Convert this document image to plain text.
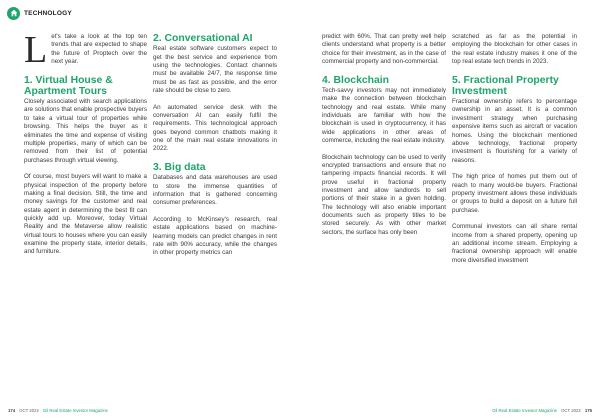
TECHNOLOGY

Let's take a look at the top ten trends that are expected to shape the future of Proptech over the next year.

1. Virtual House & Apartment Tours

Closely associated with search applications are solutions that enable prospective buyers to take a virtual tour of properties while browsing. This helps the buyer as it eliminates the time and expense of visiting multiple properties, many of which can be removed from their list of potential purchases through virtual viewing.

Of course, most buyers will want to make a physical inspection of the property before making a final decision. Still, the time and money savings for the customer and real estate agent in determining the best fit can quickly add up. Moreover, today Virtual Reality and the Metaverse allow realistic virtual tours to houses where you can easily examine the property state, interior details, and furniture.

2. Conversational AI

Real estate software customers expect to get the best service and experience from using the technologies. Contact channels must be available 24/7, the response time must be as fast as possible, and the error rate should be close to zero.

An automated service desk with the conversation AI can easily fulfil the requirements. This technological approach goes beyond common chatbots making it one of the main real estate innovations in 2022.

3. Big data

Databases and data warehouses are used to store the immense quantities of information that is gathered concerning consumer preferences.

According to McKinsey's research, real estate applications based on machine-learning models can predict changes in rent rate with 90% accuracy, while the changes in other property metrics can

predict with 60%. That can pretty well help clients understand what property is a better choice for their investment, as in the case of commercial property and non-commercial.

4. Blockchain

Tech-savvy investors may not immediately make the connection between blockchain technology and real estate. While many individuals are familiar with how the blockchain is used in cryptocurrency, it has wide applications in other areas of commerce, including the real estate industry.

Blockchain technology can be used to verify encrypted transactions and ensure that no tampering impacts financial records. It will prove useful in fractional property investment and allow landlords to sell portions of their stake in a given holding. The technology will also enable important documents such as property titles to be stored securely. As with other market sectors, the surface has only been

scratched as far as the potential in employing the blockchain for other cases in the real estate industry makes it one of the top real estate tech trends in 2023.

5. Fractional Property Investment

Fractional ownership refers to percentage ownership in an asset. It is a common investment strategy when purchasing expensive items such as aircraft or vacation homes. Using the blockchain mentioned above technology, fractional property investment is flourishing for a variety of reasons.

The high price of homes put them out of reach to many would-be buyers. Fractional property investment allows these individuals or groups to build a deposit on a future full purchase.

Communal investors can all share rental income from a shared property, opening up an additional income stream. Employing a fractional ownership approach will enable more diversified investment

174 OCT 2022 Gil Real Estate Investor Magazine	Gil Real Estate Investor Magazine OCT 2022 175
